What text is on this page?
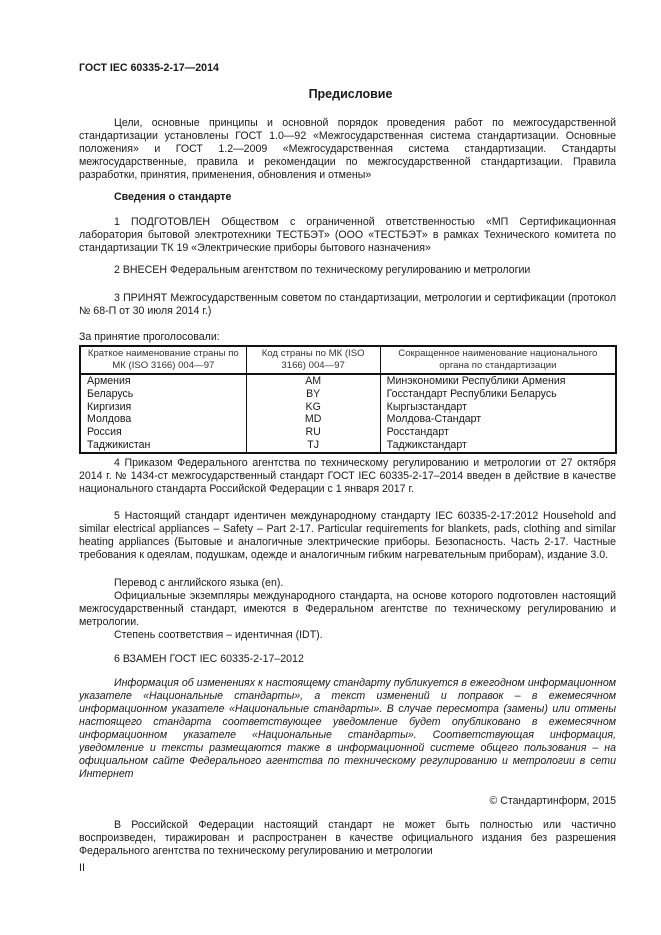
ГОСТ IEC 60335-2-17—2014
Предисловие
Цели, основные принципы и основной порядок проведения работ по межгосударственной стандартизации установлены ГОСТ 1.0—92 «Межгосударственная система стандартизации. Основные положения» и ГОСТ 1.2—2009 «Межгосударственная система стандартизации. Стандарты межгосударственные, правила и рекомендации по межгосударственной стандартизации. Правила разработки, принятия, применения, обновления и отмены»
Сведения о стандарте
1 ПОДГОТОВЛЕН Обществом с ограниченной ответственностью «МП Сертификационная лаборатория бытовой электротехники ТЕСТБЭТ» (ООО «ТЕСТБЭТ» в рамках Технического комитета по стандартизации ТК 19 «Электрические приборы бытового назначения»
2 ВНЕСЕН Федеральным агентством по техническому регулированию и метрологии
3 ПРИНЯТ Межгосударственным советом по стандартизации, метрологии и сертификации (протокол № 68-П от 30 июля 2014 г.)
За принятие проголосовали:
Краткое наименование страны по МК (ISO 3166) 004—97	Код страны по МК (ISO 3166) 004—97	Сокращенное наименование национального органа по стандартизации
Армения	AM	Минэкономики Республики Армения
Беларусь	BY	Госстандарт Республики Беларусь
Киргизия	KG	Кыргызстандарт
Молдова	MD	Молдова-Стандарт
Россия	RU	Росстандарт
Таджикистан	TJ	Таджикстандарт
4 Приказом Федерального агентства по техническому регулированию и метрологии от 27 октября 2014 г. № 1434-ст межгосударственный стандарт ГОСТ IEC 60335-2-17–2014 введен в действие в качестве национального стандарта Российской Федерации с 1 января 2017 г.
5 Настоящий стандарт идентичен международному стандарту IEC 60335-2-17:2012 Household and similar electrical appliances – Safety – Part 2-17. Particular requirements for blankets, pads, clothing and similar heating appliances (Бытовые и аналогичные электрические приборы. Безопасность. Часть 2-17. Частные требования к одеялам, подушкам, одежде и аналогичным гибким нагревательным приборам), издание 3.0.
Перевод с английского языка (en).
Официальные экземпляры международного стандарта, на основе которого подготовлен настоящий межгосударственный стандарт, имеются в Федеральном агентстве по техническому регулированию и метрологии.
Степень соответствия – идентичная (IDT).
6 ВЗАМЕН ГОСТ IEC 60335-2-17–2012
Информация об изменениях к настоящему стандарту публикуется в ежегодном информационном указателе «Национальные стандарты», а текст изменений и поправок – в ежемесячном информационном указателе «Национальные стандарты». В случае пересмотра (замены) или отмены настоящего стандарта соответствующее уведомление будет опубликовано в ежемесячном информационном указателе «Национальные стандарты». Соответствующая информация, уведомление и тексты размещаются также в информационной системе общего пользования – на официальном сайте Федерального агентства по техническому регулированию и метрологии в сети Интернет
© Стандартинформ, 2015
В Российской Федерации настоящий стандарт не может быть полностью или частично воспроизведен, тиражирован и распространен в качестве официального издания без разрешения Федерального агентства по техническому регулированию и метрологии
II
